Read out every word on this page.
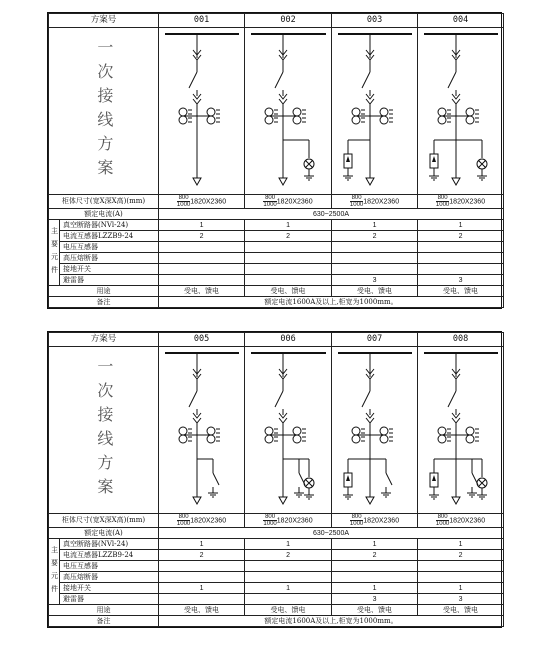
方案号		001	002	003	004

一次接线方案

柜体尺寸(宽X深X高)(mm)		$\frac{800}{1000} 1820X2360$	$\frac{800}{1000} 1820X2360$	$\frac{800}{1000} 1820X2360$	$\frac{800}{1000} 1820X2360$
额定电流(A)		630~2500A			
主要元件	真空断路器(NVl-24)	1	1	1	1
	电流互感器LZZB9-24	2	2	2	2
	电压互感器				
	高压熔断器				
	接地开关				
	避雷器			3	3
用途		受电、馈电	受电、馈电	受电、馈电	受电、馈电
备注		额定电流1600A及以上,柜宽为1000mm。			
方案号		005	006	007	008

一次接线方案

柜体尺寸(宽X深X高)(mm)		$\frac{800}{1000} 1820X2360$	$\frac{800}{1000} 1820X2360$	$\frac{800}{1000} 1820X2360$	$\frac{800}{1000} 1820X2360$
额定电流(A)		630~2500A			
主要元件	真空断路器(NVl-24)	1	1	1	1
	电流互感器LZZB9-24	2	2	2	2
	电压互感器				
	高压熔断器				
	接地开关	1	1	1	1
	避雷器			3	3
用途		受电、馈电	受电、馈电	受电、馈电	受电、馈电
备注		额定电流1600A及以上,柜宽为1000mm。			
